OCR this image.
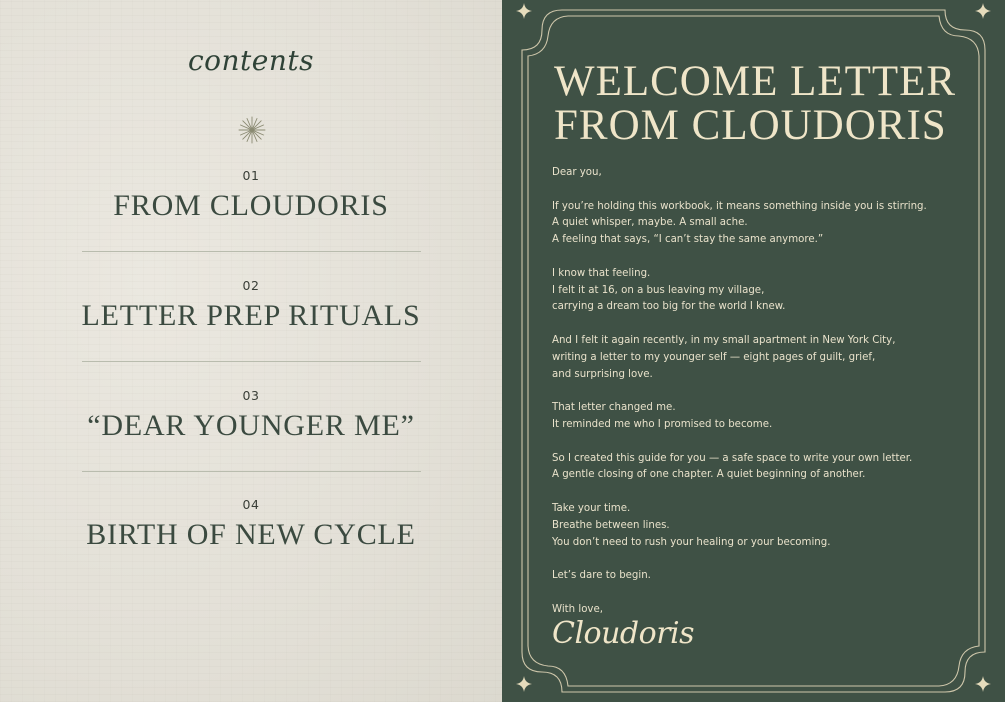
contents
01
FROM CLOUDORIS
02
LETTER PREP RITUALS
03
“DEAR YOUNGER ME”
04
BIRTH OF NEW CYCLE
WELCOME LETTER
FROM CLOUDORIS

Dear you,

If you’re holding this workbook, it means something inside you is stirring.
A quiet whisper, maybe. A small ache.
A feeling that says, “I can’t stay the same anymore.”

I know that feeling.
I felt it at 16, on a bus leaving my village,
carrying a dream too big for the world I knew.

And I felt it again recently, in my small apartment in New York City,
writing a letter to my younger self — eight pages of guilt, grief,
and surprising love.

That letter changed me.
It reminded me who I promised to become.

So I created this guide for you — a safe space to write your own letter.
A gentle closing of one chapter. A quiet beginning of another.

Take your time.
Breathe between lines.
You don’t need to rush your healing or your becoming.

Let’s dare to begin.

With love,

Cloudoris
